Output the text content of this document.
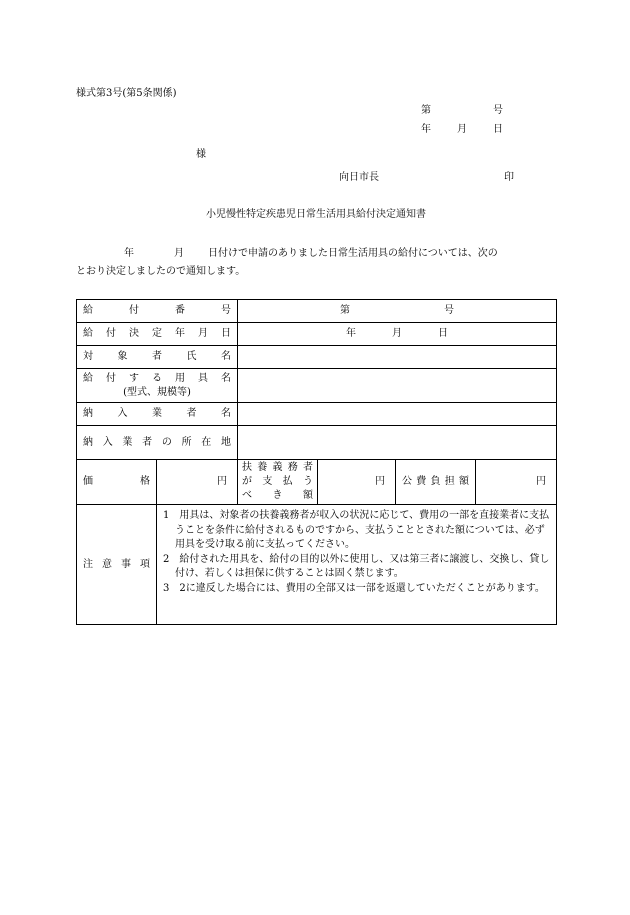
様式第3号(第5条関係)
第	号
年	月	日
様
向日市長	印
小児慢性特定疾患児日常生活用具給付決定通知書
年	月 日付けで申請のありました日常生活用具の給付については、次の
とおり決定しましたので通知します。
給付番号		第 号			

給付決定年月日		年 月 日			

対象者氏名					

給付する用具名
(型式、規模等)					

納入業者名					

納入業者の所在地					

価格	円	扶養義務者
が支払う
べき額	円	公費負担額	円

注意事項	1　用具は、対象者の扶養義務者が収入の状況に応じて、費用の一部を直接業者に支払うことを条件に給付されるものですから、支払うこととされた額については、必ず用具を受け取る前に支払ってください。
2　給付された用具を、給付の目的以外に使用し、又は第三者に譲渡し、交換し、貸し付け、若しくは担保に供することは固く禁じます。
3　2に違反した場合には、費用の全部又は一部を返還していただくことがあります。				
